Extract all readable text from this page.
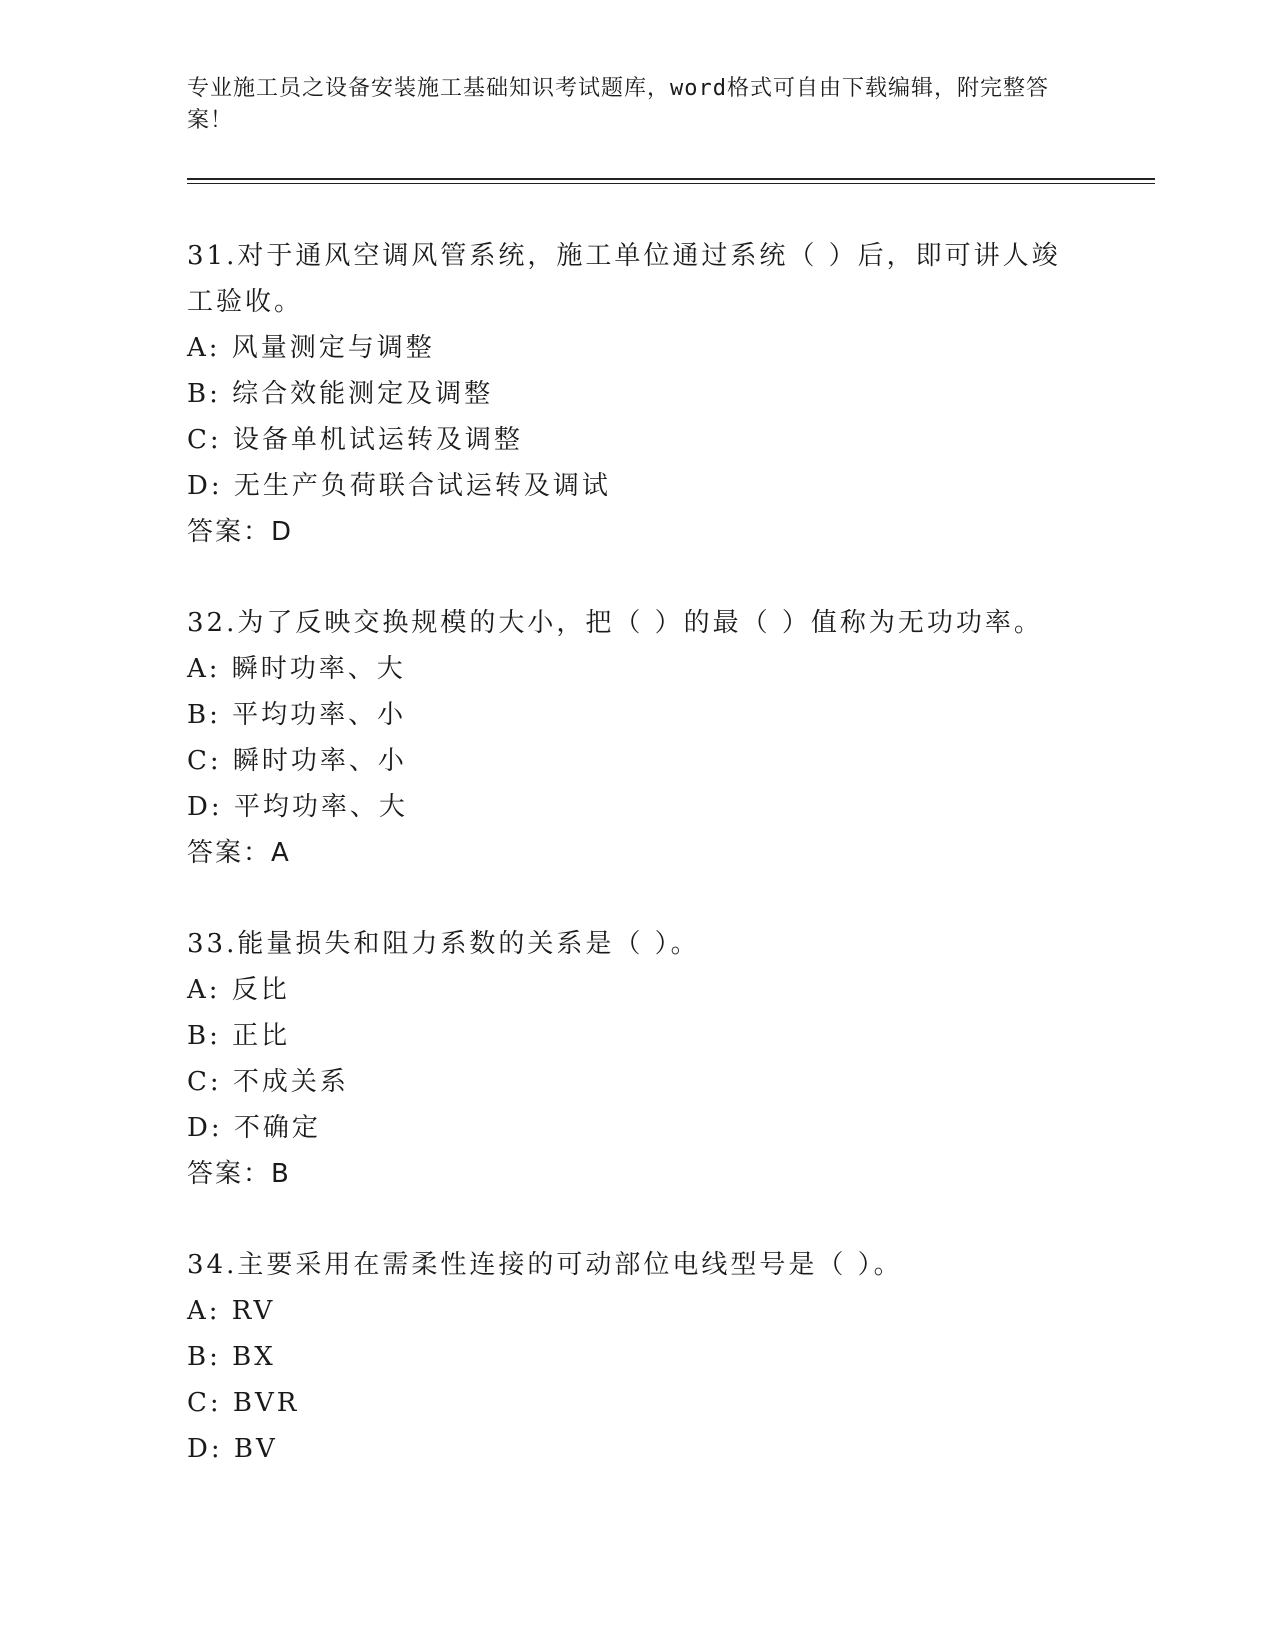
专业施工员之设备安装施工基础知识考试题库，word格式可自由下载编辑，附完整答案！

31.对于通风空调风管系统，施工单位通过系统（ ）后，即可讲人竣工验收。

A: 风量测定与调整

B: 综合效能测定及调整

C: 设备单机试运转及调整

D: 无生产负荷联合试运转及调试

答案：D

32.为了反映交换规模的大小，把（ ）的最（ ）值称为无功功率。

A: 瞬时功率、大

B: 平均功率、小

C: 瞬时功率、小

D: 平均功率、大

答案：A

33.能量损失和阻力系数的关系是（ ）。

A: 反比

B: 正比

C: 不成关系

D: 不确定

答案：B

34.主要采用在需柔性连接的可动部位电线型号是（ ）。

A: RV

B: BX

C: BVR

D: BV
